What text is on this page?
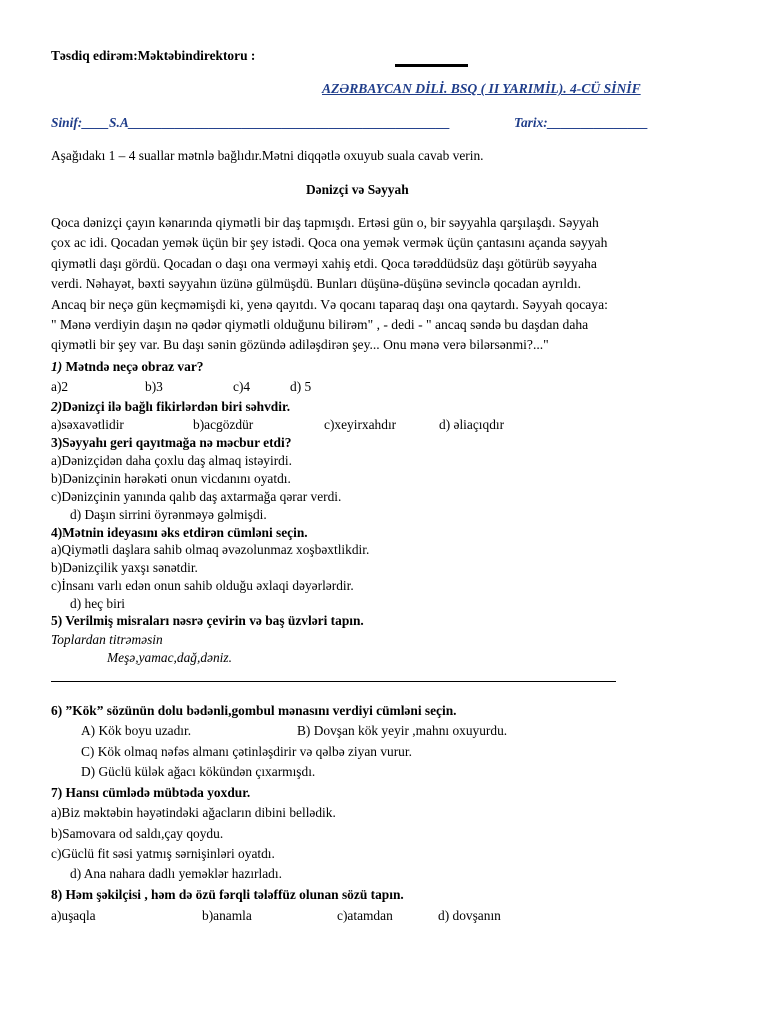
Təsdiq edirəm:Məktəbindirektoru :
AZƏRBAYCAN DİLİ. BSQ ( II YARIMİL). 4-CÜ SİNİF
Sinif:____S.A________________________________________________	Tarix:_______________
Aşağıdakı 1 – 4 suallar mətnlə bağlıdır.Mətni diqqətlə oxuyub suala cavab verin.
Dənizçi və Səyyah
Qoca dənizçi çayın kənarında qiymətli bir daş tapmışdı. Ertəsi gün o, bir səyyahla qarşılaşdı. Səyyah
çox ac idi. Qocadan yemək üçün bir şey istədi. Qoca ona yemək vermək üçün çantasını açanda səyyah
qiymətli daşı gördü. Qocadan o daşı ona verməyi xahiş etdi. Qoca tərəddüdsüz daşı götürüb səyyaha
verdi. Nəhayət, bəxti səyyahın üzünə gülmüşdü. Bunları düşünə-düşünə sevinclə qocadan ayrıldı.
Ancaq bir neçə gün keçməmişdi ki, yenə qayıtdı. Və qocanı taparaq daşı ona qaytardı. Səyyah qocaya:
" Mənə verdiyin daşın nə qədər qiymətli olduğunu bilirəm" , - dedi - " ancaq səndə bu daşdan daha
qiymətli bir şey var. Bu daşı sənin gözündə adiləşdirən şey... Onu mənə verə bilərsənmi?..."
1) Mətndə neçə obraz var?
a)2	b)3	c)4	d) 5
2)Dənizçi ilə bağlı fikirlərdən biri səhvdir.
a)səxavətlidir	b)acgözdür	c)xeyirxahdır	d) əliaçıqdır
3)Səyyahı geri qayıtmağa nə məcbur etdi?
a)Dənizçidən daha çoxlu daş almaq istəyirdi.
b)Dənizçinin hərəkəti onun vicdanını oyatdı.
c)Dənizçinin yanında qalıb daş axtarmağa qərar verdi.
d) Daşın sirrini öyrənməyə gəlmişdi.
4)Mətnin ideyasını əks etdirən cümləni seçin.
a)Qiymətli daşlara sahib olmaq əvəzolunmaz xoşbəxtlikdir.
b)Dənizçilik yaxşı sənətdir.
c)İnsanı varlı edən onun sahib olduğu əxlaqi dəyərlərdir.
d) heç biri
5) Verilmiş misraları nəsrə çevirin və baş üzvləri tapın.
Toplardan titrəməsin
Meşə,yamac,dağ,dəniz.
6) ”Kök” sözünün dolu bədənli,gombul mənasını verdiyi cümləni seçin.
A) Kök boyu uzadır.	B) Dovşan kök yeyir ,mahnı oxuyurdu.
C) Kök olmaq nəfəs almanı çətinləşdirir və qəlbə ziyan vurur.
D) Güclü külək ağacı kökündən çıxarmışdı.
7) Hansı cümlədə mübtəda yoxdur.
a)Biz məktəbin həyətindəki ağacların dibini bellədik.
b)Samovara od saldı,çay qoydu.
c)Güclü fit səsi yatmış sərnişinləri oyatdı.
d) Ana nahara dadlı yeməklər hazırladı.
8) Həm şəkilçisi , həm də özü fərqli tələffüz olunan sözü tapın.
a)uşaqla	b)anamla	c)atamdan	d) dovşanın
